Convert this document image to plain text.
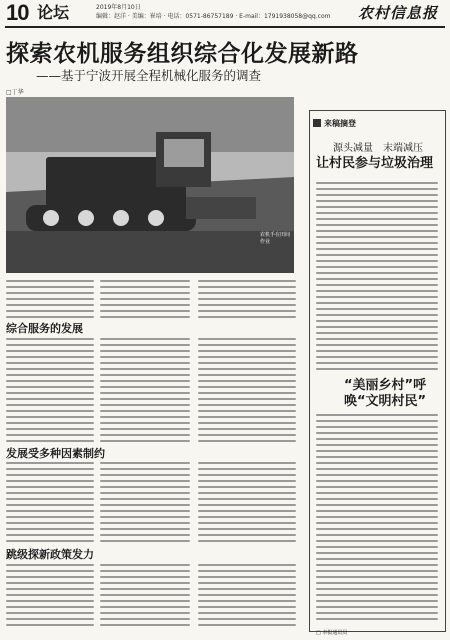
10 论坛	2019年8月10日
编辑：赵洋 · 美编：崔培 · 电话：0571-86757189 · E-mail：1791938058@qq.com 农村信息报
探索农机服务组织综合化发展新路
——基于宁波开展全程机械化服务的调查
□丁华
农机手在田间作业
综合服务的发展
发展受多种因素制约
跳级探新政策发力
来稿摘登
源头减量　末端减压
让村民参与垃圾治理
“美丽乡村”呼唤“文明村民”
□ 本报通讯员
